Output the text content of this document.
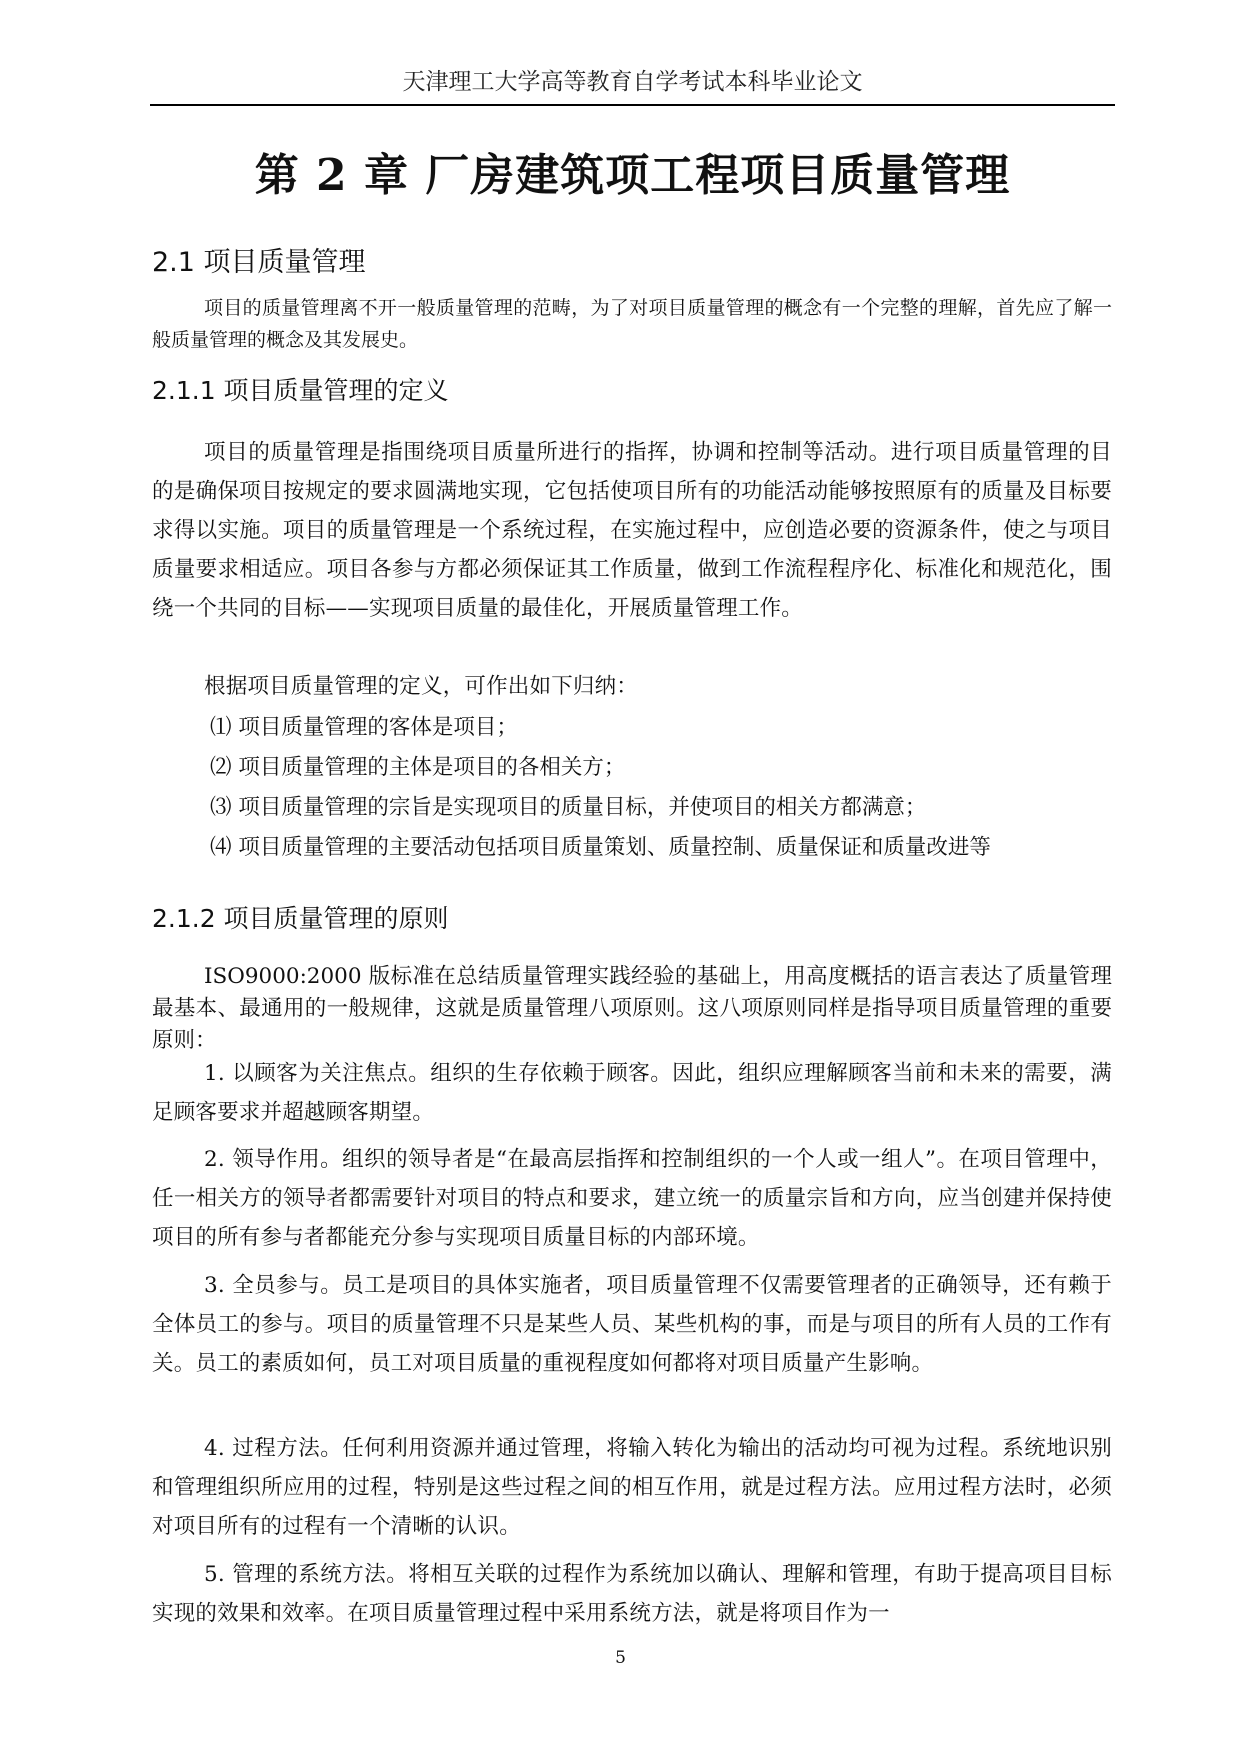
天津理工大学高等教育自学考试本科毕业论文
第 2 章 厂房建筑项工程项目质量管理
2.1 项目质量管理

项目的质量管理离不开一般质量管理的范畴，为了对项目质量管理的概念有一个完整的理解，首先应了解一般质量管理的概念及其发展史。

2.1.1 项目质量管理的定义

项目的质量管理是指围绕项目质量所进行的指挥，协调和控制等活动。进行项目质量管理的目的是确保项目按规定的要求圆满地实现，它包括使项目所有的功能活动能够按照原有的质量及目标要求得以实施。项目的质量管理是一个系统过程，在实施过程中，应创造必要的资源条件，使之与项目质量要求相适应。项目各参与方都必须保证其工作质量，做到工作流程程序化、标准化和规范化，围绕一个共同的目标——实现项目质量的最佳化，开展质量管理工作。

根据项目质量管理的定义，可作出如下归纳：

⑴ 项目质量管理的客体是项目；
⑵ 项目质量管理的主体是项目的各相关方；
⑶ 项目质量管理的宗旨是实现项目的质量目标，并使项目的相关方都满意；
⑷ 项目质量管理的主要活动包括项目质量策划、质量控制、质量保证和质量改进等
2.1.2 项目质量管理的原则

ISO9000:2000 版标准在总结质量管理实践经验的基础上，用高度概括的语言表达了质量管理最基本、最通用的一般规律，这就是质量管理八项原则。这八项原则同样是指导项目质量管理的重要原则：

1. 以顾客为关注焦点。组织的生存依赖于顾客。因此，组织应理解顾客当前和未来的需要，满足顾客要求并超越顾客期望。

2. 领导作用。组织的领导者是“在最高层指挥和控制组织的一个人或一组人”。在项目管理中，任一相关方的领导者都需要针对项目的特点和要求，建立统一的质量宗旨和方向，应当创建并保持使项目的所有参与者都能充分参与实现项目质量目标的内部环境。

3. 全员参与。员工是项目的具体实施者，项目质量管理不仅需要管理者的正确领导，还有赖于全体员工的参与。项目的质量管理不只是某些人员、某些机构的事，而是与项目的所有人员的工作有关。员工的素质如何，员工对项目质量的重视程度如何都将对项目质量产生影响。

4. 过程方法。任何利用资源并通过管理，将输入转化为输出的活动均可视为过程。系统地识别和管理组织所应用的过程，特别是这些过程之间的相互作用，就是过程方法。应用过程方法时，必须对项目所有的过程有一个清晰的认识。

5. 管理的系统方法。将相互关联的过程作为系统加以确认、理解和管理，有助于提高项目目标实现的效果和效率。在项目质量管理过程中采用系统方法，就是将项目作为一

5
